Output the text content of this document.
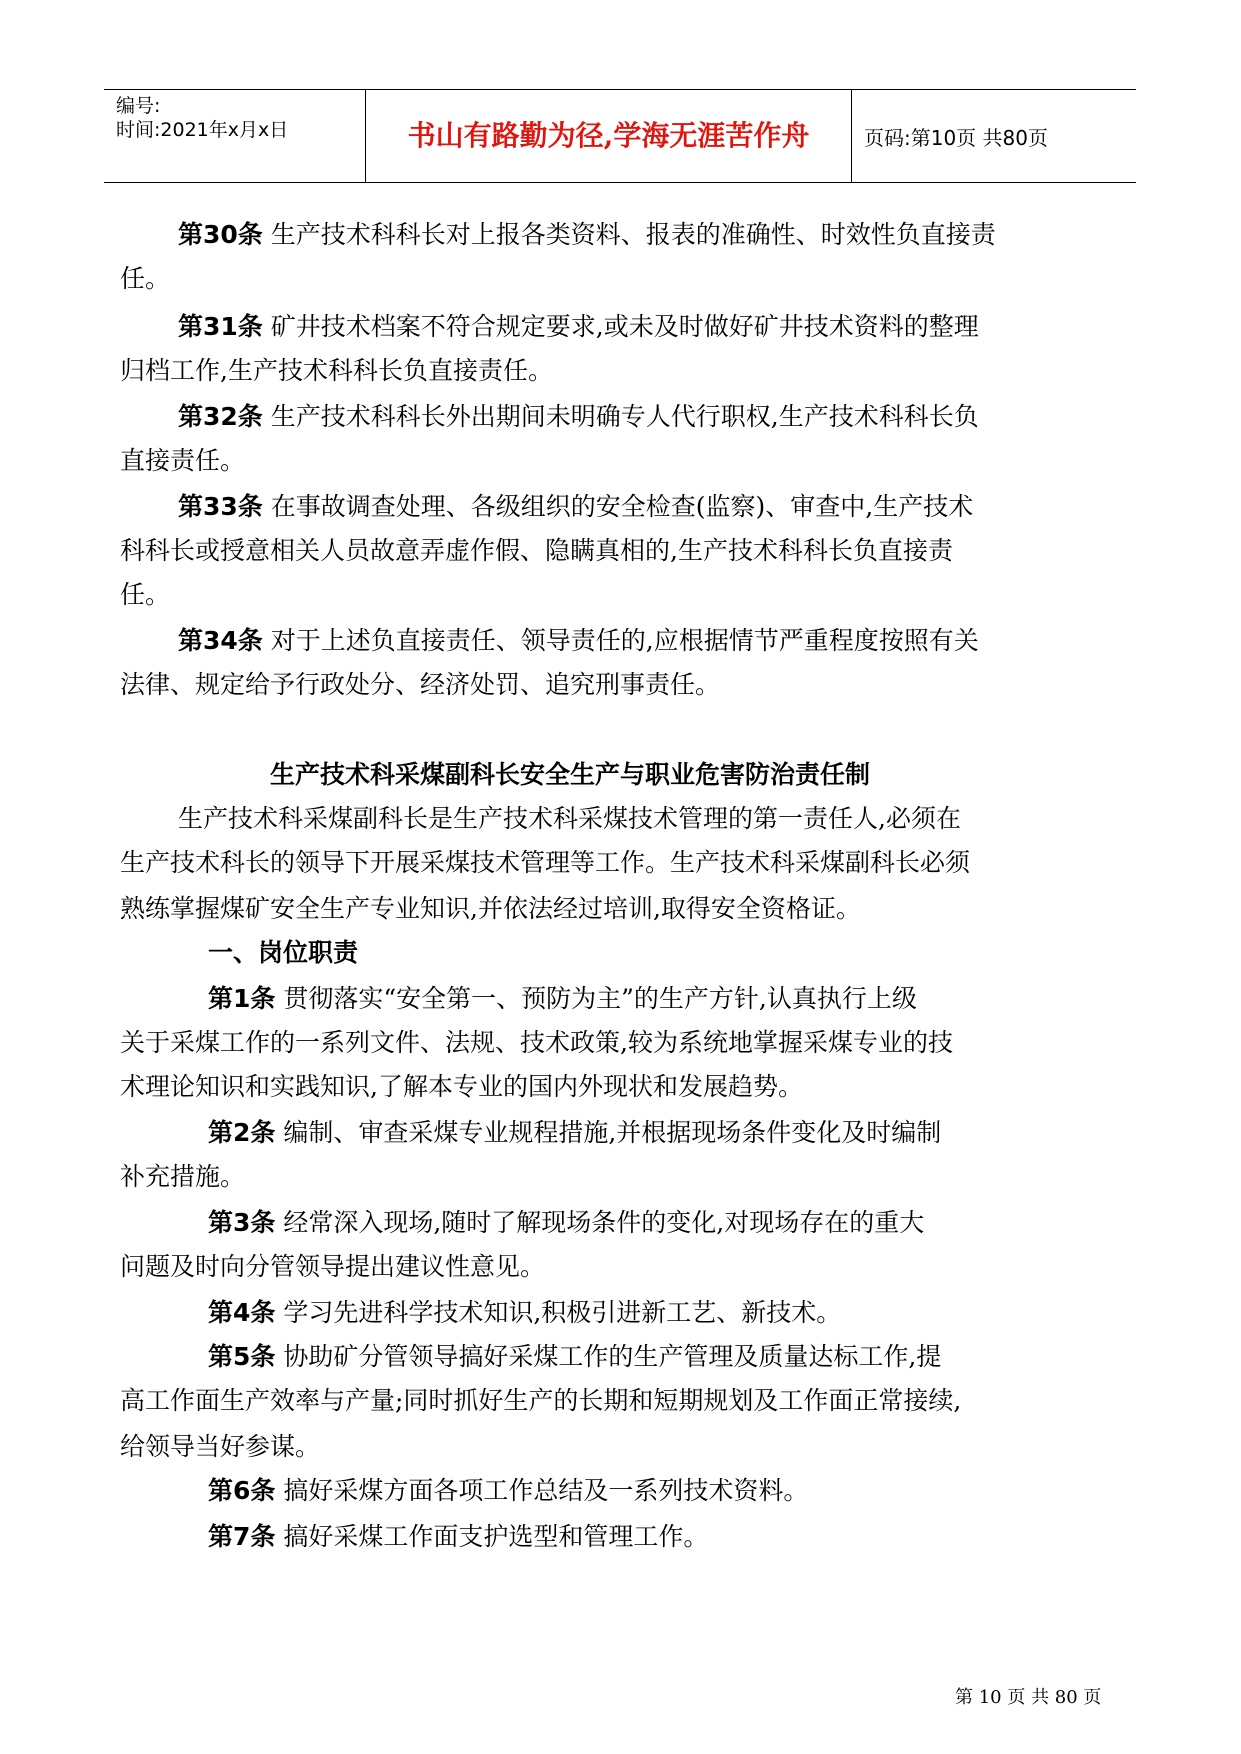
编号:
时间:2021年x月x日	书山有路勤为径,学海无涯苦作舟	页码:第10页 共80页
第30条 生产技术科科长对上报各类资料、报表的准确性、时效性负直接责
任。
第31条 矿井技术档案不符合规定要求,或未及时做好矿井技术资料的整理
归档工作,生产技术科科长负直接责任。
第32条 生产技术科科长外出期间未明确专人代行职权,生产技术科科长负
直接责任。
第33条 在事故调查处理、各级组织的安全检查(监察)、审查中,生产技术
科科长或授意相关人员故意弄虚作假、隐瞒真相的,生产技术科科长负直接责
任。
第34条 对于上述负直接责任、领导责任的,应根据情节严重程度按照有关
法律、规定给予行政处分、经济处罚、追究刑事责任。
生产技术科采煤副科长安全生产与职业危害防治责任制
生产技术科采煤副科长是生产技术科采煤技术管理的第一责任人,必须在
生产技术科长的领导下开展采煤技术管理等工作。生产技术科采煤副科长必须
熟练掌握煤矿安全生产专业知识,并依法经过培训,取得安全资格证。
一、岗位职责
第1条 贯彻落实“安全第一、预防为主”的生产方针,认真执行上级
关于采煤工作的一系列文件、法规、技术政策,较为系统地掌握采煤专业的技
术理论知识和实践知识,了解本专业的国内外现状和发展趋势。
第2条 编制、审查采煤专业规程措施,并根据现场条件变化及时编制
补充措施。
第3条 经常深入现场,随时了解现场条件的变化,对现场存在的重大
问题及时向分管领导提出建议性意见。
第4条 学习先进科学技术知识,积极引进新工艺、新技术。
第5条 协助矿分管领导搞好采煤工作的生产管理及质量达标工作,提
高工作面生产效率与产量;同时抓好生产的长期和短期规划及工作面正常接续,
给领导当好参谋。
第6条 搞好采煤方面各项工作总结及一系列技术资料。
第7条 搞好采煤工作面支护选型和管理工作。
第 10 页 共 80 页
